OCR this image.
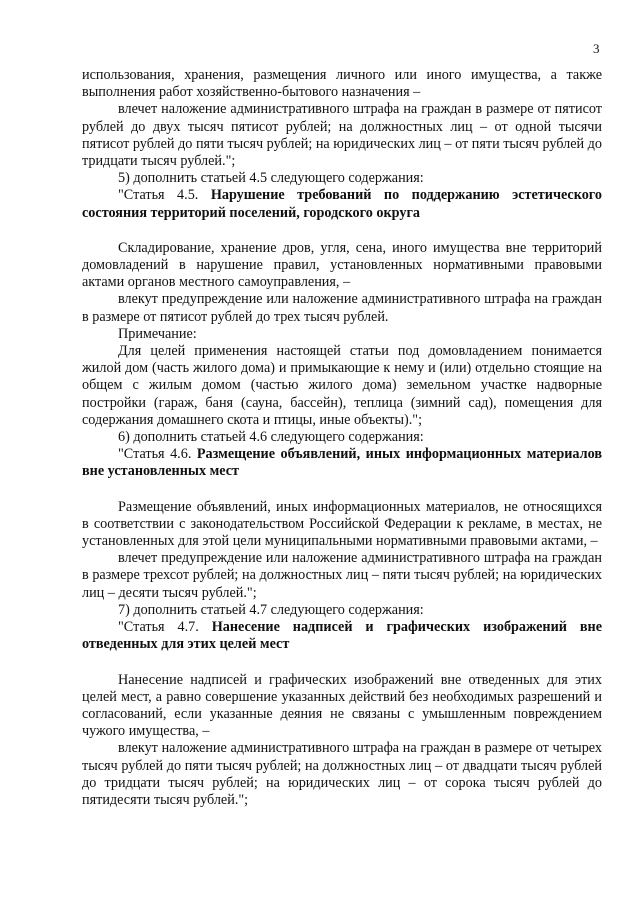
3

использования, хранения, размещения личного или иного имущества, а также выполнения работ хозяйственно-бытового назначения –

влечет наложение административного штрафа на граждан в размере от пятисот рублей до двух тысяч пятисот рублей; на должностных лиц – от одной тысячи пятисот рублей до пяти тысяч рублей; на юридических лиц – от пяти тысяч рублей до тридцати тысяч рублей.";

5) дополнить статьей 4.5 следующего содержания:

"Статья 4.5. Нарушение требований по поддержанию эстетического состояния территорий поселений, городского округа

Складирование, хранение дров, угля, сена, иного имущества вне территорий домовладений в нарушение правил, установленных нормативными правовыми актами органов местного самоуправления, –

влекут предупреждение или наложение административного штрафа на граждан в размере от пятисот рублей до трех тысяч рублей.

Примечание:

Для целей применения настоящей статьи под домовладением понимается жилой дом (часть жилого дома) и примыкающие к нему и (или) отдельно стоящие на общем с жилым домом (частью жилого дома) земельном участке надворные постройки (гараж, баня (сауна, бассейн), теплица (зимний сад), помещения для содержания домашнего скота и птицы, иные объекты).";

6) дополнить статьей 4.6 следующего содержания:

"Статья 4.6. Размещение объявлений, иных информационных материалов вне установленных мест

Размещение объявлений, иных информационных материалов, не относящихся в соответствии с законодательством Российской Федерации к рекламе, в местах, не установленных для этой цели муниципальными нормативными правовыми актами, –

влечет предупреждение или наложение административного штрафа на граждан в размере трехсот рублей; на должностных лиц – пяти тысяч рублей; на юридических лиц – десяти тысяч рублей.";

7) дополнить статьей 4.7 следующего содержания:

"Статья 4.7. Нанесение надписей и графических изображений вне отведенных для этих целей мест

Нанесение надписей и графических изображений вне отведенных для этих целей мест, а равно совершение указанных действий без необходимых разрешений и согласований, если указанные деяния не связаны с умышленным повреждением чужого имущества, –

влекут наложение административного штрафа на граждан в размере от четырех тысяч рублей до пяти тысяч рублей; на должностных лиц – от двадцати тысяч рублей до тридцати тысяч рублей; на юридических лиц – от сорока тысяч рублей до пятидесяти тысяч рублей.";
